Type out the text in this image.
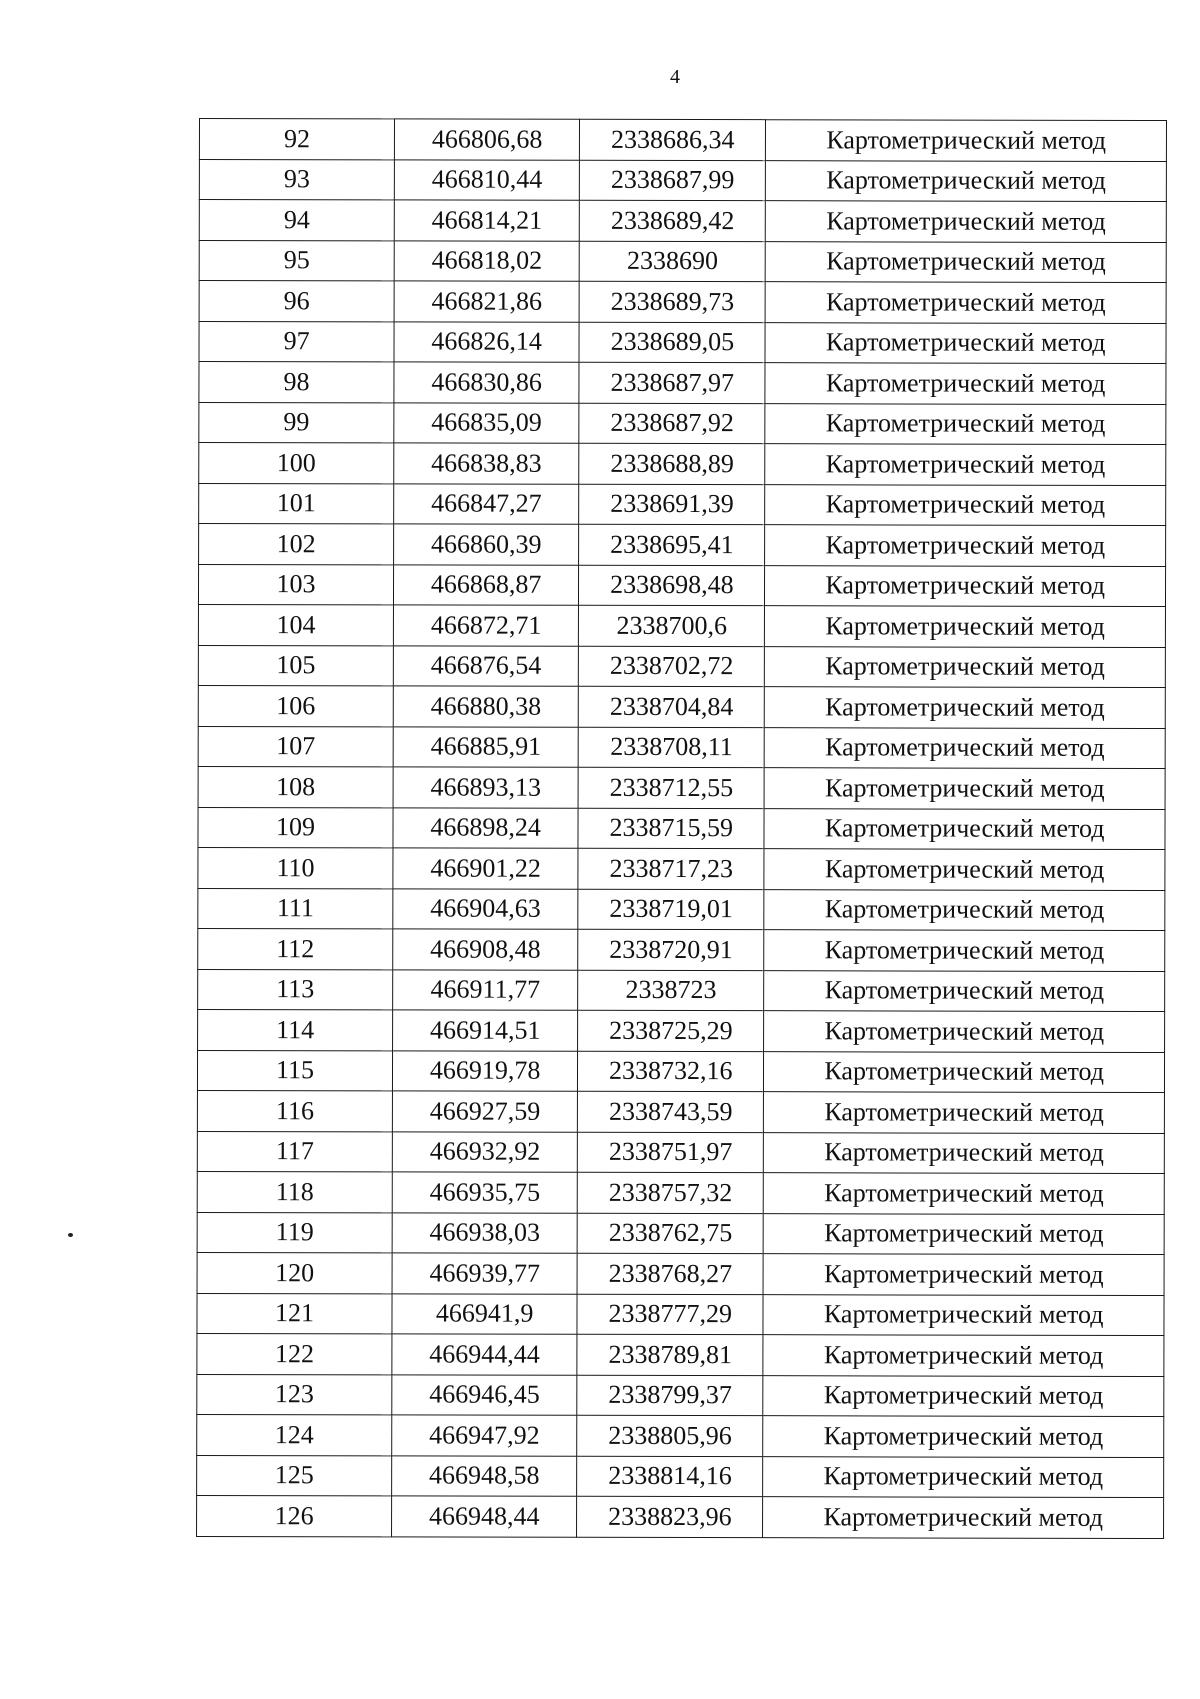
4
92	466806,68	2338686,34	Картометрический метод
93	466810,44	2338687,99	Картометрический метод
94	466814,21	2338689,42	Картометрический метод
95	466818,02	2338690	Картометрический метод
96	466821,86	2338689,73	Картометрический метод
97	466826,14	2338689,05	Картометрический метод
98	466830,86	2338687,97	Картометрический метод
99	466835,09	2338687,92	Картометрический метод
100	466838,83	2338688,89	Картометрический метод
101	466847,27	2338691,39	Картометрический метод
102	466860,39	2338695,41	Картометрический метод
103	466868,87	2338698,48	Картометрический метод
104	466872,71	2338700,6	Картометрический метод
105	466876,54	2338702,72	Картометрический метод
106	466880,38	2338704,84	Картометрический метод
107	466885,91	2338708,11	Картометрический метод
108	466893,13	2338712,55	Картометрический метод
109	466898,24	2338715,59	Картометрический метод
110	466901,22	2338717,23	Картометрический метод
111	466904,63	2338719,01	Картометрический метод
112	466908,48	2338720,91	Картометрический метод
113	466911,77	2338723	Картометрический метод
114	466914,51	2338725,29	Картометрический метод
115	466919,78	2338732,16	Картометрический метод
116	466927,59	2338743,59	Картометрический метод
117	466932,92	2338751,97	Картометрический метод
118	466935,75	2338757,32	Картометрический метод
119	466938,03	2338762,75	Картометрический метод
120	466939,77	2338768,27	Картометрический метод
121	466941,9	2338777,29	Картометрический метод
122	466944,44	2338789,81	Картометрический метод
123	466946,45	2338799,37	Картометрический метод
124	466947,92	2338805,96	Картометрический метод
125	466948,58	2338814,16	Картометрический метод
126	466948,44	2338823,96	Картометрический метод
